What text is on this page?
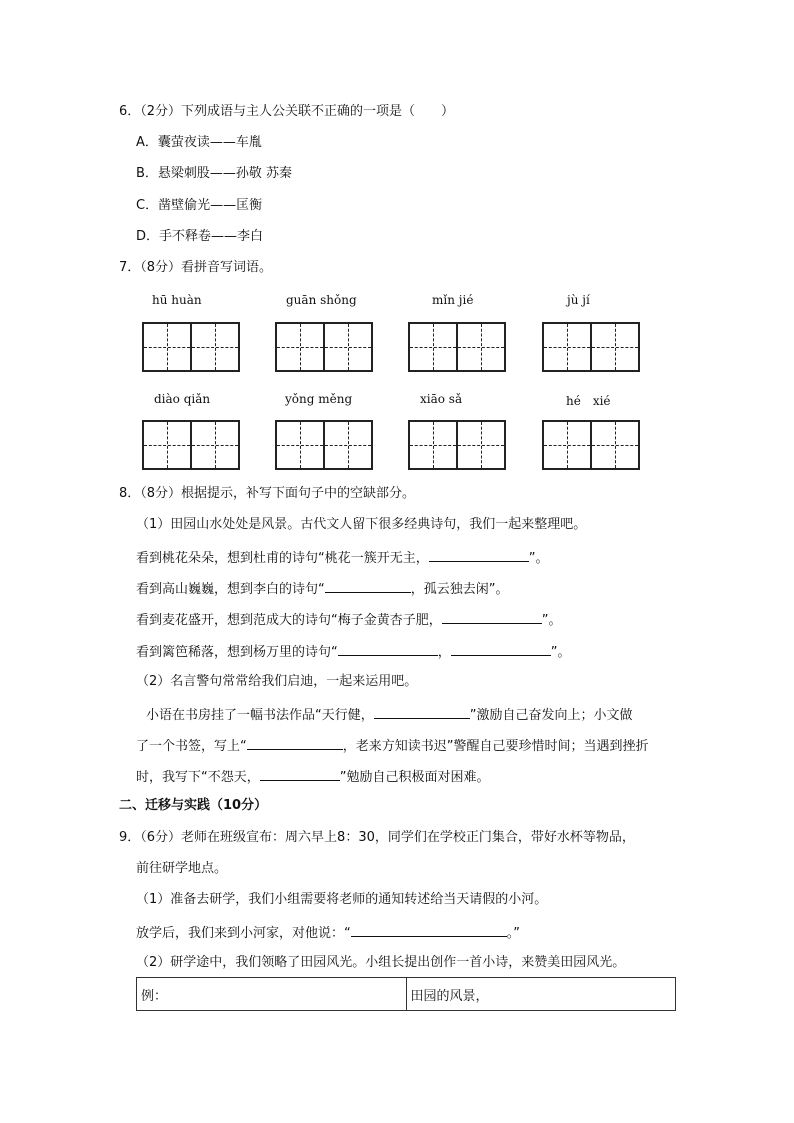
6．（2分）下列成语与主人公关联不正确的一项是（　　）
A．囊萤夜读——车胤
B．悬梁刺股——孙敬 苏秦
C．凿壁偷光——匡衡
D．手不释卷——李白
7．（8分）看拼音写词语。
hū huàn	guān shǒng	mǐn jié	jù jí
diào qiǎn	yǒng měng	xiāo sǎ	hé　xié
8．（8分）根据提示，补写下面句子中的空缺部分。
（1）田园山水处处是风景。古代文人留下很多经典诗句，我们一起来整理吧。
看到桃花朵朵，想到杜甫的诗句“桃花一簇开无主，	”。
看到高山巍巍，想到李白的诗句“	，孤云独去闲”。
看到麦花盛开，想到范成大的诗句“梅子金黄杏子肥，	”。
看到篱笆稀落，想到杨万里的诗句“	，	”。
（2）名言警句常常给我们启迪，一起来运用吧。
小语在书房挂了一幅书法作品“天行健，	”激励自己奋发向上；小文做
了一个书签，写上“	，老来方知读书迟”警醒自己要珍惜时间；当遇到挫折
时，我写下“不怨天，	”勉励自己积极面对困难。
二、迁移与实践（10分）
9．（6分）老师在班级宣布：周六早上8：30，同学们在学校正门集合，带好水杯等物品，
前往研学地点。
（1）准备去研学，我们小组需要将老师的通知转述给当天请假的小河。
放学后，我们来到小河家，对他说：“	。”
（2）研学途中，我们领略了田园风光。小组长提出创作一首小诗，来赞美田园风光。
例：	田园的风景，
